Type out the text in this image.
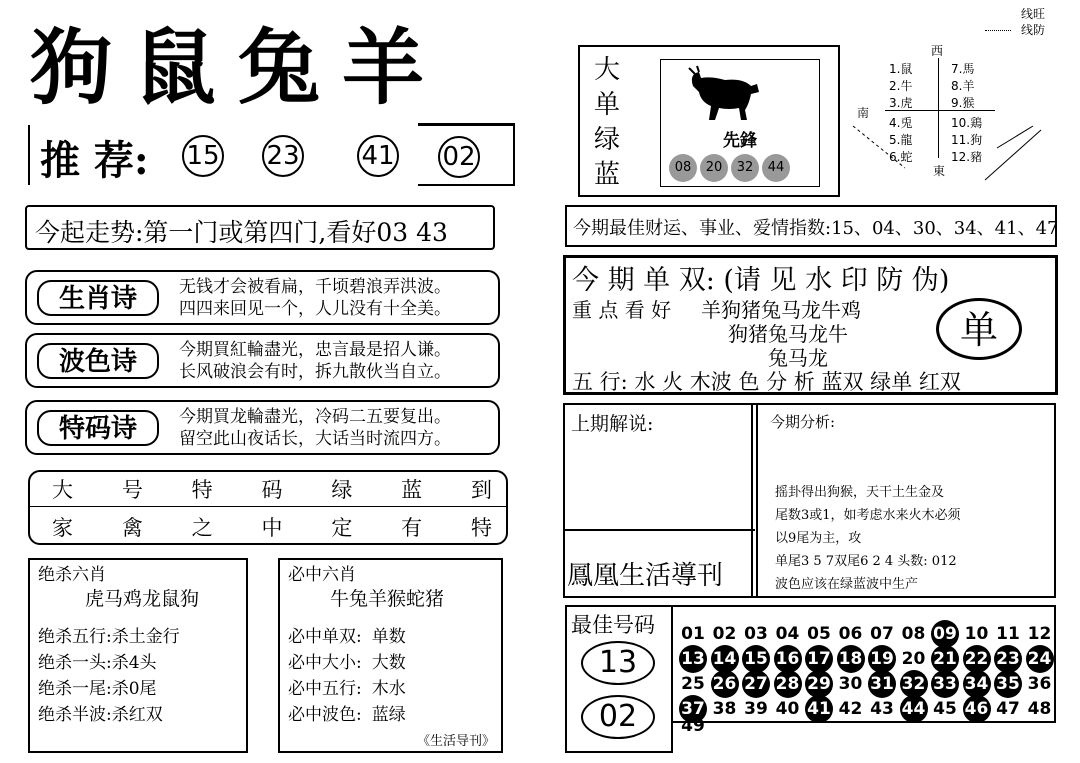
狗鼠兔羊
推 荐: 15 23 41 02
今起走势:第一门或第四门,看好03 43
生肖诗	无钱才会被看扁，千顷碧浪弄洪波。
四四来回见一个，人儿没有十全美。
波色诗	今期買紅輪盡光，忠言最是招人谦。
长风破浪会有时，拆九散伙当自立。
特码诗	今期買龙輪盡光，冷码二五要复出。
留空此山夜话长，大话当时流四方。
大 号 特 码 绿 蓝 到
家 禽 之 中 定 有 特
绝杀六肖
虎马鸡龙鼠狗
绝杀五行:杀土金行
绝杀一头:杀4头
绝杀一尾:杀0尾
绝杀半波:杀红双
必中六肖
牛兔羊猴蛇猪
必中单双: 单数
必中大小: 大数
必中五行: 木水
必中波色: 蓝绿
《生活导刊》
大
单
绿
蓝
先鋒
08 20 32 44
线旺
线防
西
南
東
1.鼠
2.牛
3.虎
7.馬
8.羊
9.猴
4.兎
5.龍
6.蛇
10.鶏
11.狗
12.豬
今期最佳财运、事业、爱情指数:15、04、30、34、41、47
今 期 单 双: (请 见 水 印 防 伪)
重 点 看 好 羊狗猪兔马龙牛鸡
狗猪兔马龙牛
兔马龙
单
五 行: 水 火 木波 色 分 析 蓝双 绿单 红双
上期解说:
鳳凰生活導刊
今期分析:
摇卦得出狗猴，天干土生金及
尾数3或1，如考虑水来火木必须
以9尾为主，攻
单尾3 5 7双尾6 2 4 头数: 012
波色应该在绿蓝波中生产
最佳号码
13
02
01 02 03 04 05 06 07 08 09 10 11 12
13 14 15 16 17 18 19 20 21 22 23 24
25 26 27 28 29 30 31 32 33 34 35 36
37 38 39 40 41 42 43 44 45 46 47 48
49
